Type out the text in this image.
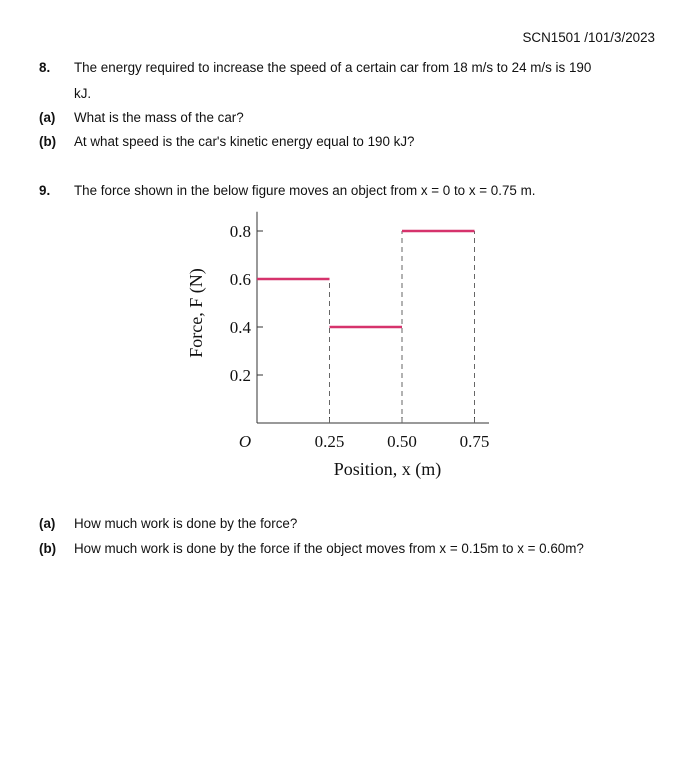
SCN1501 /101/3/2023
8. The energy required to increase the speed of a certain car from 18 m/s to 24 m/s is 190
kJ.
(a) What is the mass of the car?
(b) At what speed is the car's kinetic energy equal to 190 kJ?
9. The force shown in the below figure moves an object from x = 0 to x = 0.75 m.
0.2
0.4
0.6
0.8
0.25	0.50	0.75
Force, F (N)
Position, x (m)
O
(a) How much work is done by the force?
(b) How much work is done by the force if the object moves from x = 0.15m to x = 0.60m?
